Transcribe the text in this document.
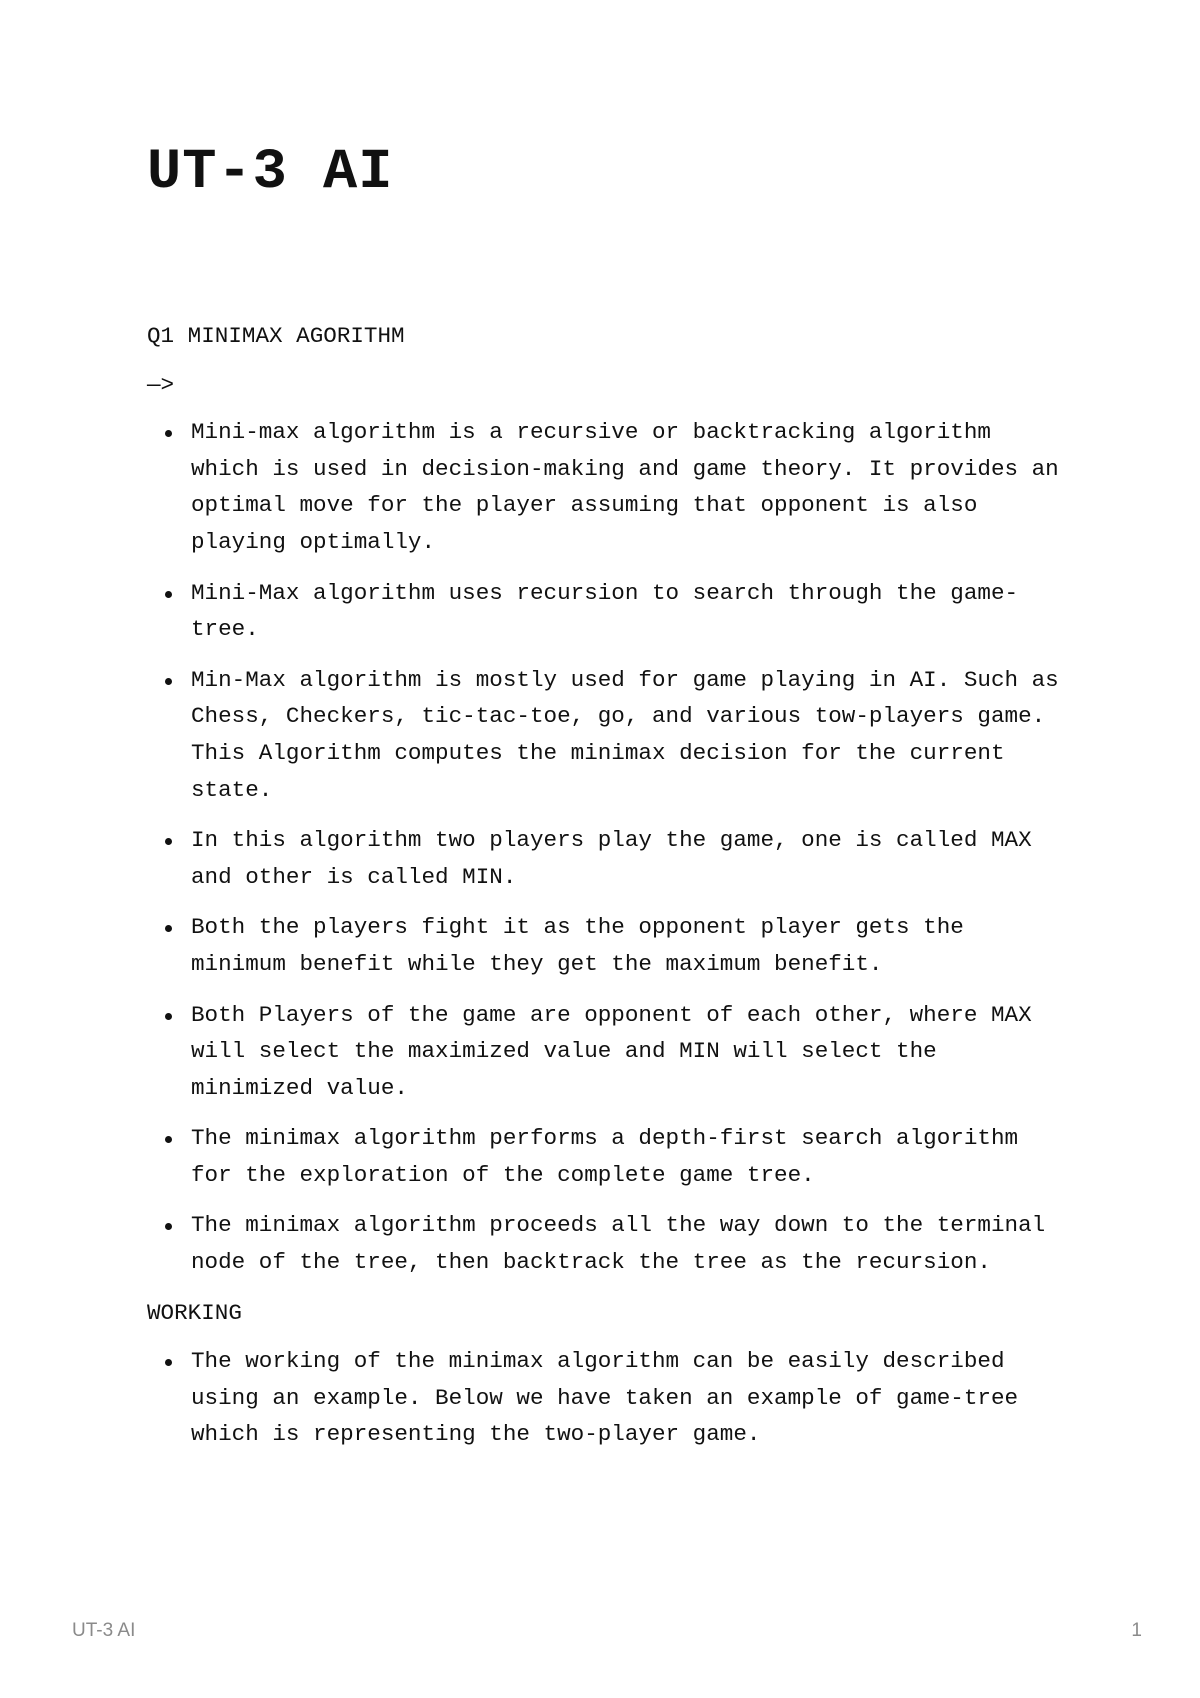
UT-3 AI

Q1 MINIMAX AGORITHM

—>

Mini-max algorithm is a recursive or backtracking algorithm which is used in decision-making and game theory. It provides an optimal move for the player assuming that opponent is also playing optimally.
Mini-Max algorithm uses recursion to search through the game-tree.
Min-Max algorithm is mostly used for game playing in AI. Such as Chess, Checkers, tic-tac-toe, go, and various tow-players game. This Algorithm computes the minimax decision for the current state.
In this algorithm two players play the game, one is called MAX and other is called MIN.
Both the players fight it as the opponent player gets the minimum benefit while they get the maximum benefit.
Both Players of the game are opponent of each other, where MAX will select the maximized value and MIN will select the minimized value.
The minimax algorithm performs a depth-first search algorithm for the exploration of the complete game tree.
The minimax algorithm proceeds all the way down to the terminal node of the tree, then backtrack the tree as the recursion.

WORKING

The working of the minimax algorithm can be easily described using an example. Below we have taken an example of game-tree which is representing the two-player game.
UT-3 AI	1
